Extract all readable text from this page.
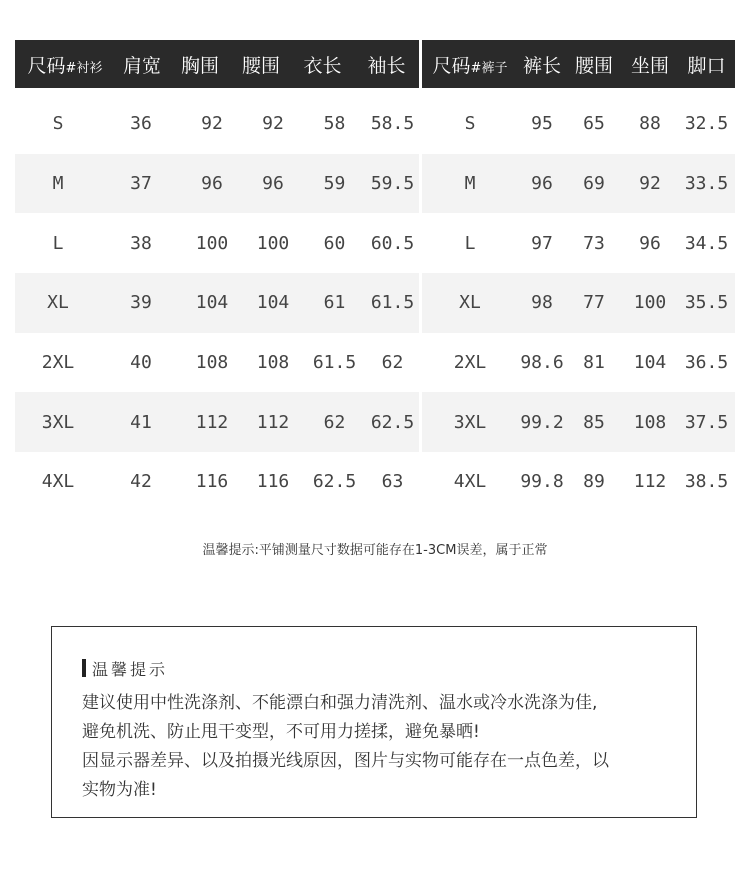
尺码#衬衫	肩宽	胸围	腰围	衣长	袖长
S	36	92	92	58	58.5
M	37	96	96	59	59.5
L	38	100	100	60	60.5
XL	39	104	104	61	61.5
2XL	40	108	108	61.5	62
3XL	41	112	112	62	62.5
4XL	42	116	116	62.5	63
尺码#裤子 裤长 腰围 坐围 脚口
S	95	65	88	32.5
M	96	69	92	33.5
L	97	73	96	34.5
XL	98	77	100	35.5
2XL	98.6	81	104	36.5
3XL	99.2	85	108	37.5
4XL	99.8	89	112	38.5
温馨提示:平铺测量尺寸数据可能存在1-3CM误差，属于正常
温馨提示

建议使用中性洗涤剂、不能漂白和强力清洗剂、温水或冷水洗涤为佳,

避免机洗、防止甩干变型，不可用力搓揉，避免暴晒!

因显示器差异、以及拍摄光线原因，图片与实物可能存在一点色差，以

实物为准!
